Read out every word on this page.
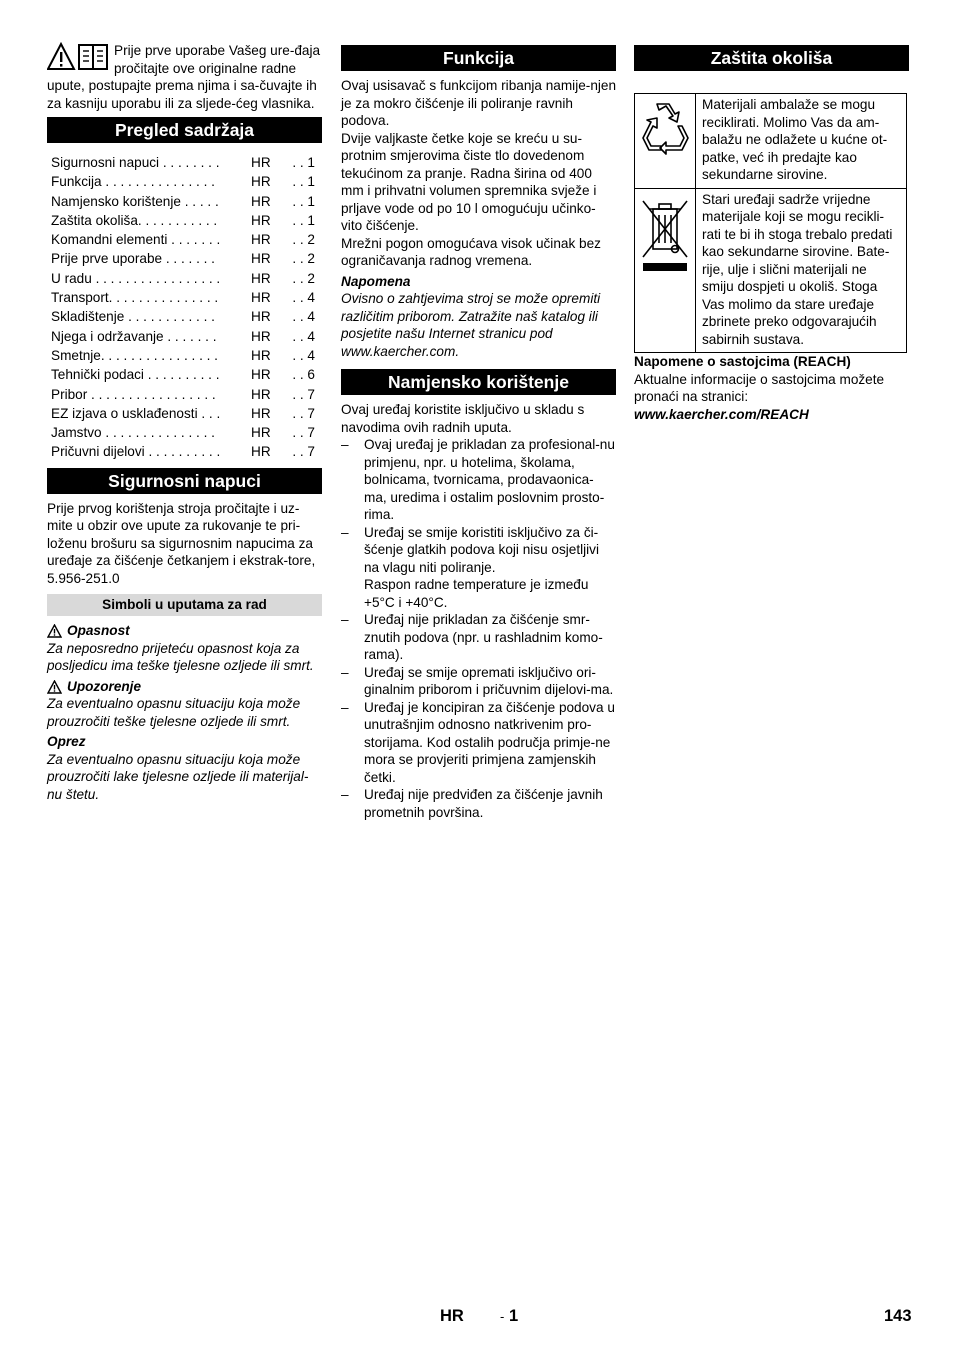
Prije prve uporabe Vašeg ure-đaja pročitajte ove originalne radne upute, postupajte prema njima i sa-čuvajte ih za kasniju uporabu ili za sljede-ćeg vlasnika.

Pregled sadržaja
Sigurnosni napuci . . . . . . . .	HR	. . 1
Funkcija . . . . . . . . . . . . . . .	HR	. . 1
Namjensko korištenje . . . . .	HR	. . 1
Zaštita okoliša. . . . . . . . . . .	HR	. . 1
Komandni elementi . . . . . . .	HR	. . 2
Prije prve uporabe . . . . . . .	HR	. . 2
U radu . . . . . . . . . . . . . . . . .	HR	. . 2
Transport. . . . . . . . . . . . . . .	HR	. . 4
Skladištenje . . . . . . . . . . . .	HR	. . 4
Njega i održavanje . . . . . . .	HR	. . 4
Smetnje. . . . . . . . . . . . . . . .	HR	. . 4
Tehnički podaci . . . . . . . . . .	HR	. . 6
Pribor . . . . . . . . . . . . . . . . .	HR	. . 7
EZ izjava o usklađenosti . . .	HR	. . 7
Jamstvo . . . . . . . . . . . . . . .	HR	. . 7
Pričuvni dijelovi . . . . . . . . . .	HR	. . 7
Sigurnosni napuci

Prije prvog korištenja stroja pročitajte i uz-mite u obzir ove upute za rukovanje te pri-loženu brošuru sa sigurnosnim napucima za uređaje za čišćenje četkanjem i ekstrak-tore, 5.956-251.0

Simboli u uputama za rad
Opasnost

Za neposredno prijeteću opasnost koja za posljedicu ima teške tjelesne ozljede ili smrt.

Upozorenje

Za eventualno opasnu situaciju koja može prouzročiti teške tjelesne ozljede ili smrt.

Oprez

Za eventualno opasnu situaciju koja može prouzročiti lake tjelesne ozljede ili materijal-nu štetu.

Funkcija

Ovaj usisavač s funkcijom ribanja namije-njen je za mokro čišćenje ili poliranje ravnih podova.

Dvije valjkaste četke koje se kreću u su-protnim smjerovima čiste tlo dovedenom tekućinom za pranje. Radna širina od 400 mm i prihvatni volumen spremnika svježe i prljave vode od po 10 l omogućuju učinko-vito čišćenje.

Mrežni pogon omogućava visok učinak bez ograničavanja radnog vremena.

Napomena

Ovisno o zahtjevima stroj se može opremiti različitim priborom. Zatražite naš katalog ili posjetite našu Internet stranicu pod www.kaercher.com.

Namjensko korištenje

Ovaj uređaj koristite isključivo u skladu s navodima ovih radnih uputa.

– Ovaj uređaj je prikladan za profesional-nu primjenu, npr. u hotelima, školama, bolnicama, tvornicama, prodavaonica-ma, uredima i ostalim poslovnim prosto-rima.
– Uređaj se smije koristiti isključivo za či-šćenje glatkih podova koji nisu osjetljivi na vlagu niti poliranje.
Raspon radne temperature je između +5°C i +40°C.
– Uređaj nije prikladan za čišćenje smr-znutih podova (npr. u rashladnim komo-rama).
– Uređaj se smije opremati isključivo ori-ginalnim priborom i pričuvnim dijelovi-ma.
– Uređaj je koncipiran za čišćenje podova u unutrašnjim odnosno natkrivenim pro-storijama. Kod ostalih područja primje-ne mora se provjeriti primjena zamjenskih četki.
– Uređaj nije predviđen za čišćenje javnih prometnih površina.
Zaštita okoliša
	Materijali ambalaže se mogu reciklirati. Molimo Vas da am-balažu ne odlažete u kućne ot-patke, već ih predajte kao sekundarne sirovine.
	Stari uređaji sadrže vrijedne materijale koji se mogu recikli-rati te bi ih stoga trebalo predati kao sekundarne sirovine. Bate-rije, ulje i slični materijali ne smiju dospjeti u okoliš. Stoga Vas molimo da stare uređaje zbrinete preko odgovarajućih sabirnih sustava.

Napomene o sastojcima (REACH)

Aktualne informacije o sastojcima možete pronaći na stranici:

www.kaercher.com/REACH

HR	- 1	143
